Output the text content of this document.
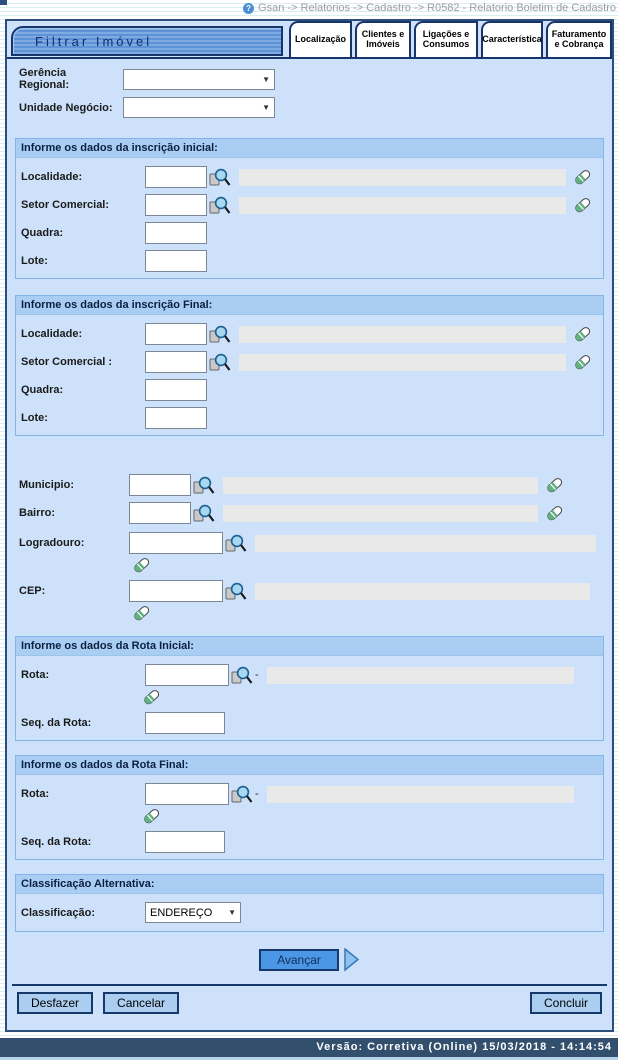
? Gsan -> Relatorios -> Cadastro -> R0582 - Relatorio Boletim de Cadastro
Filtrar Imóvel	Localização	Clientes e Imóveis
Ligações e Consumos	Característica	Faturamento e Cobrança
Gerência Regional:	▼
Unidade Negócio:	▼
Informe os dados da inscrição inicial:
Localidade:
Setor Comercial:
Quadra:
Lote:
Informe os dados da inscrição Final:
Localidade:
Setor Comercial :
Quadra:
Lote:
Municipio:
Bairro:
Logradouro:
CEP:
Informe os dados da Rota Inicial:
Rota:	-
Seq. da Rota:
Informe os dados da Rota Final:
Rota:	-
Seq. da Rota:
Classificação Alternativa:
Classificação:	ENDEREÇO ▼
Avançar
Desfazer	Cancelar	Concluir
Versão: Corretiva (Online) 15/03/2018 - 14:14:54
